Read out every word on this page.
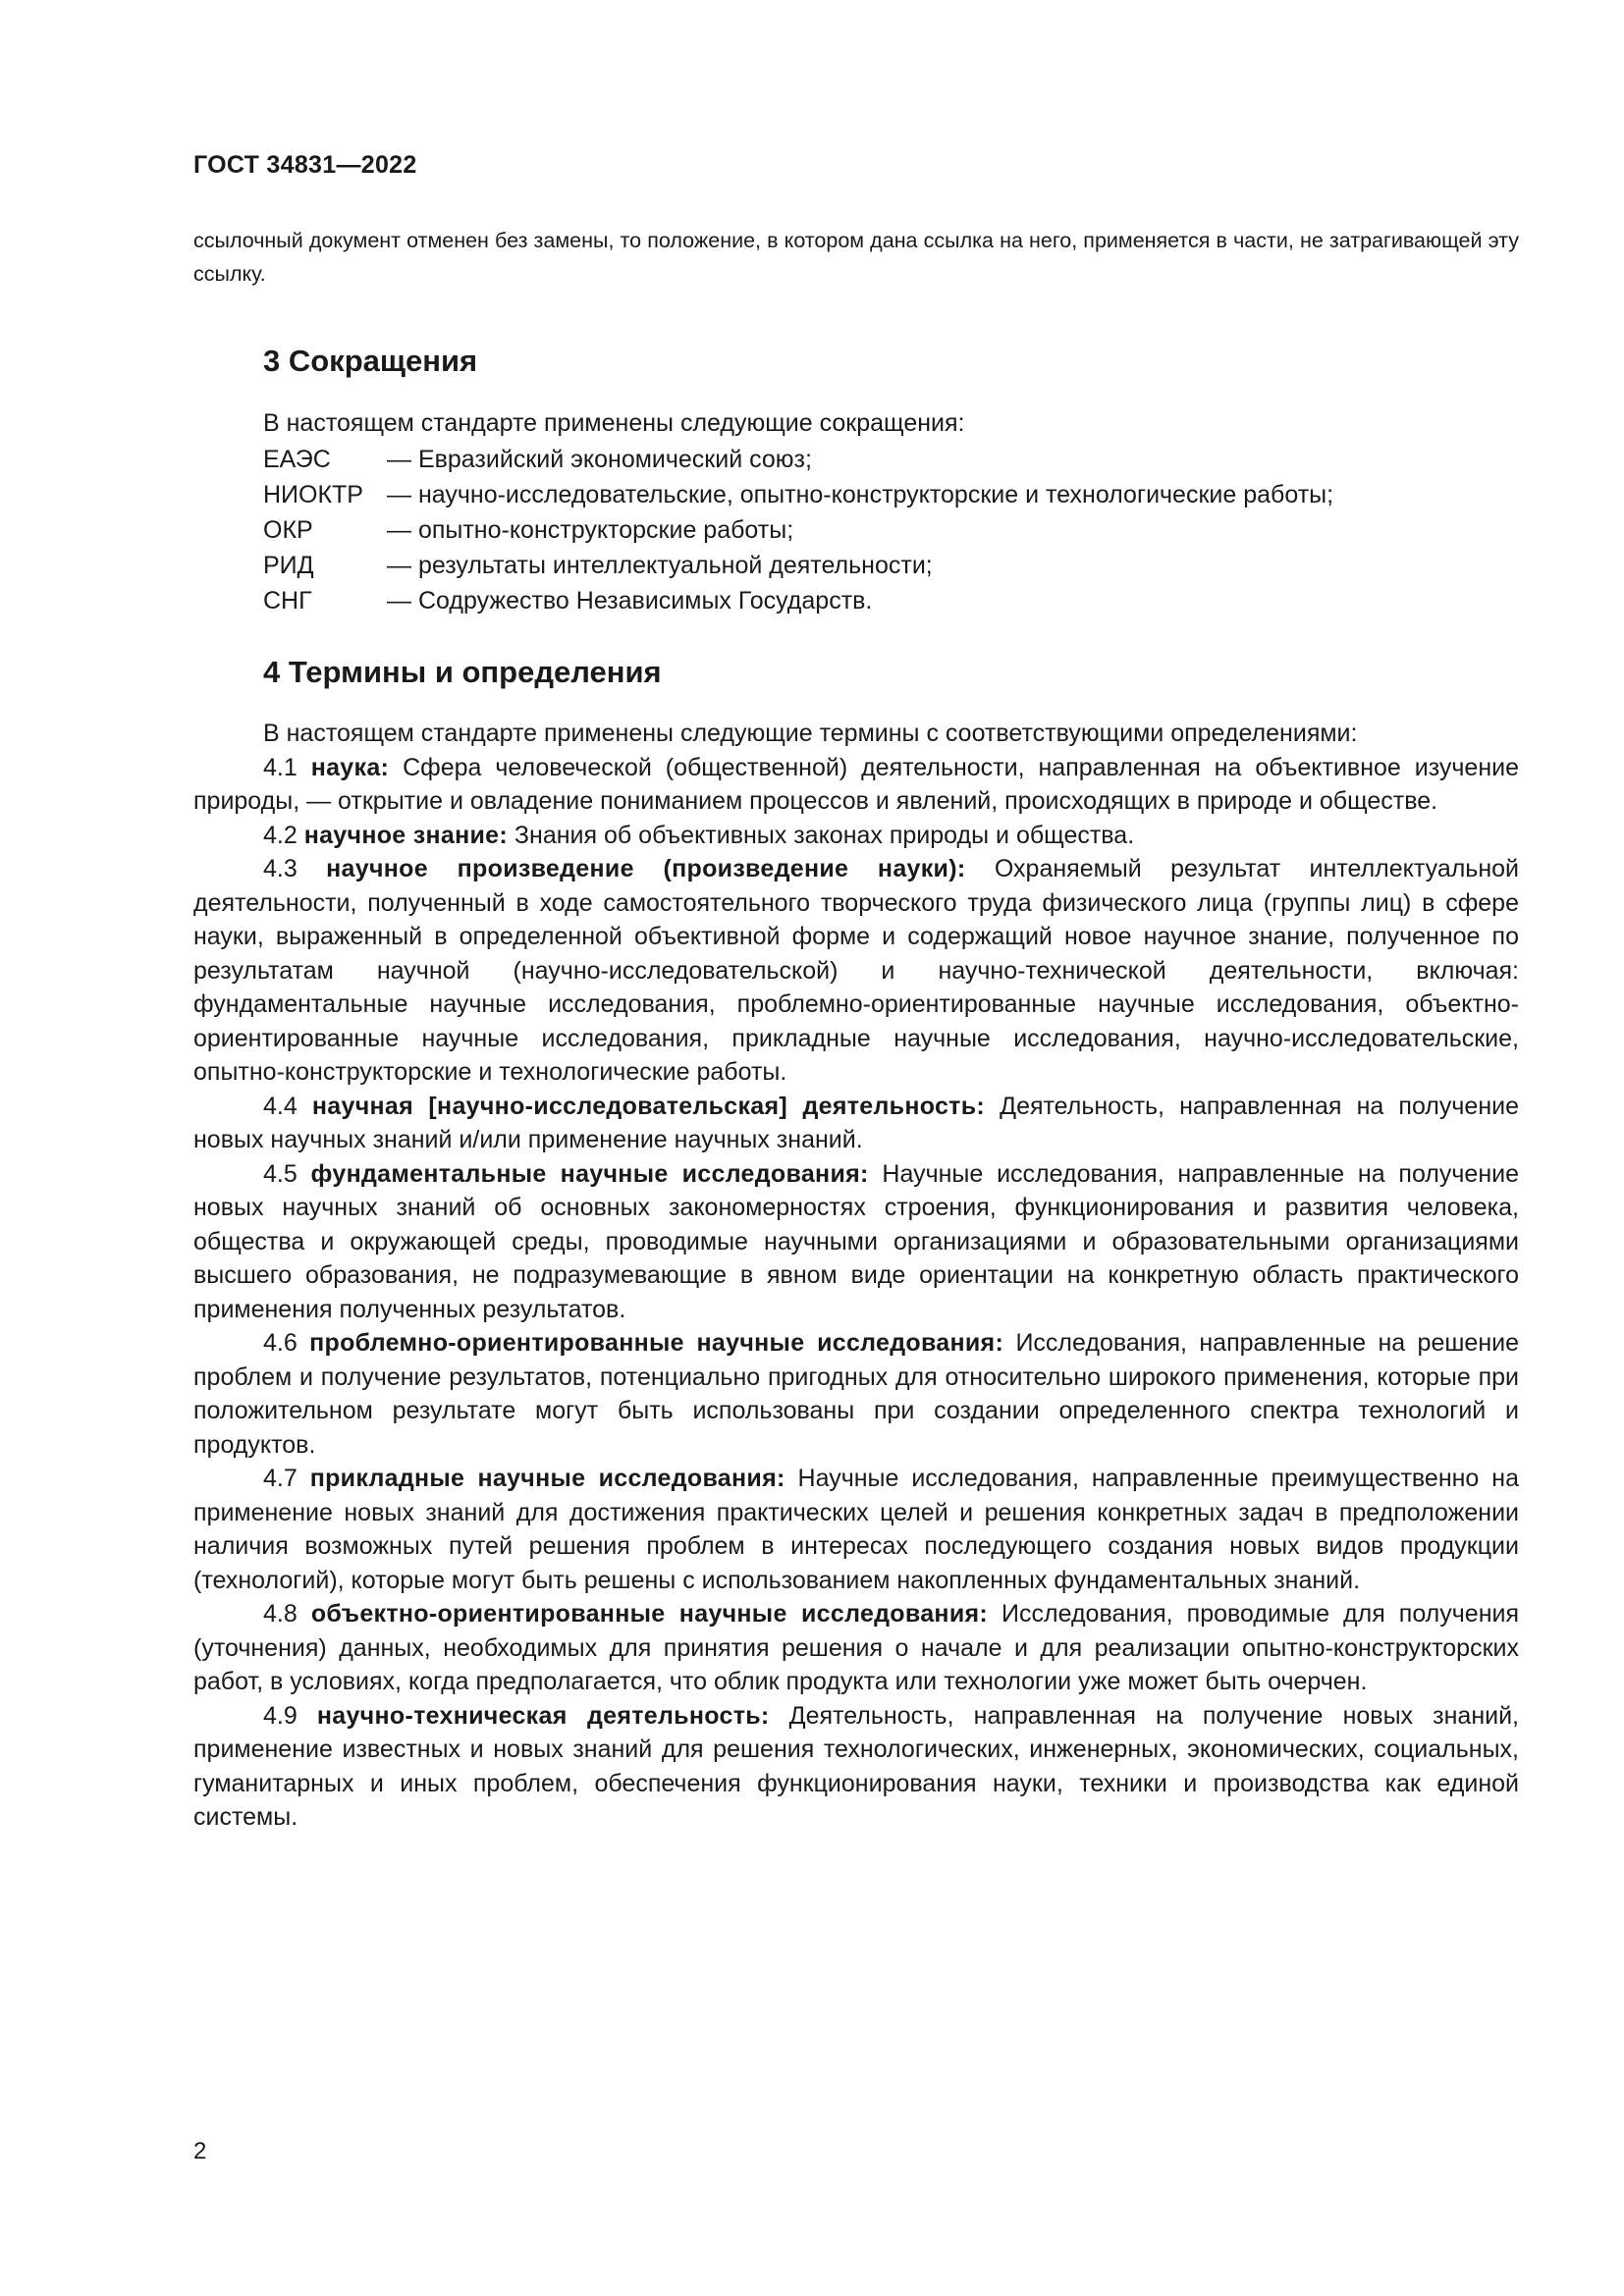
ГОСТ 34831—2022
ссылочный документ отменен без замены, то положение, в котором дана ссылка на него, применяется в части, не затрагивающей эту ссылку.
3 Сокращения
В настоящем стандарте применены следующие сокращения:
ЕАЭС	— Евразийский экономический союз;
НИОКТР — научно-исследовательские, опытно-конструкторские и технологические работы;
ОКР	— опытно-конструкторские работы;
РИД	— результаты интеллектуальной деятельности;
СНГ	— Содружество Независимых Государств.
4 Термины и определения

В настоящем стандарте применены следующие термины с соответствующими определениями:

4.1 наука: Сфера человеческой (общественной) деятельности, направленная на объективное изучение природы, — открытие и овладение пониманием процессов и явлений, происходящих в природе и обществе.

4.2 научное знание: Знания об объективных законах природы и общества.

4.3 научное произведение (произведение науки): Охраняемый результат интеллектуальной деятельности, полученный в ходе самостоятельного творческого труда физического лица (группы лиц) в сфере науки, выраженный в определенной объективной форме и содержащий новое научное знание, полученное по результатам научной (научно-исследовательской) и научно-технической деятельности, включая: фундаментальные научные исследования, проблемно-ориентированные научные исследования, объектно-ориентированные научные исследования, прикладные научные исследования, научно-исследовательские, опытно-конструкторские и технологические работы.

4.4 научная [научно-исследовательская] деятельность: Деятельность, направленная на получение новых научных знаний и/или применение научных знаний.

4.5 фундаментальные научные исследования: Научные исследования, направленные на получение новых научных знаний об основных закономерностях строения, функционирования и развития человека, общества и окружающей среды, проводимые научными организациями и образовательными организациями высшего образования, не подразумевающие в явном виде ориентации на конкретную область практического применения полученных результатов.

4.6 проблемно-ориентированные научные исследования: Исследования, направленные на решение проблем и получение результатов, потенциально пригодных для относительно широкого применения, которые при положительном результате могут быть использованы при создании определенного спектра технологий и продуктов.

4.7 прикладные научные исследования: Научные исследования, направленные преимущественно на применение новых знаний для достижения практических целей и решения конкретных задач в предположении наличия возможных путей решения проблем в интересах последующего создания новых видов продукции (технологий), которые могут быть решены с использованием накопленных фундаментальных знаний.

4.8 объектно-ориентированные научные исследования: Исследования, проводимые для получения (уточнения) данных, необходимых для принятия решения о начале и для реализации опытно-конструкторских работ, в условиях, когда предполагается, что облик продукта или технологии уже может быть очерчен.

4.9 научно-техническая деятельность: Деятельность, направленная на получение новых знаний, применение известных и новых знаний для решения технологических, инженерных, экономических, социальных, гуманитарных и иных проблем, обеспечения функционирования науки, техники и производства как единой системы.

2
